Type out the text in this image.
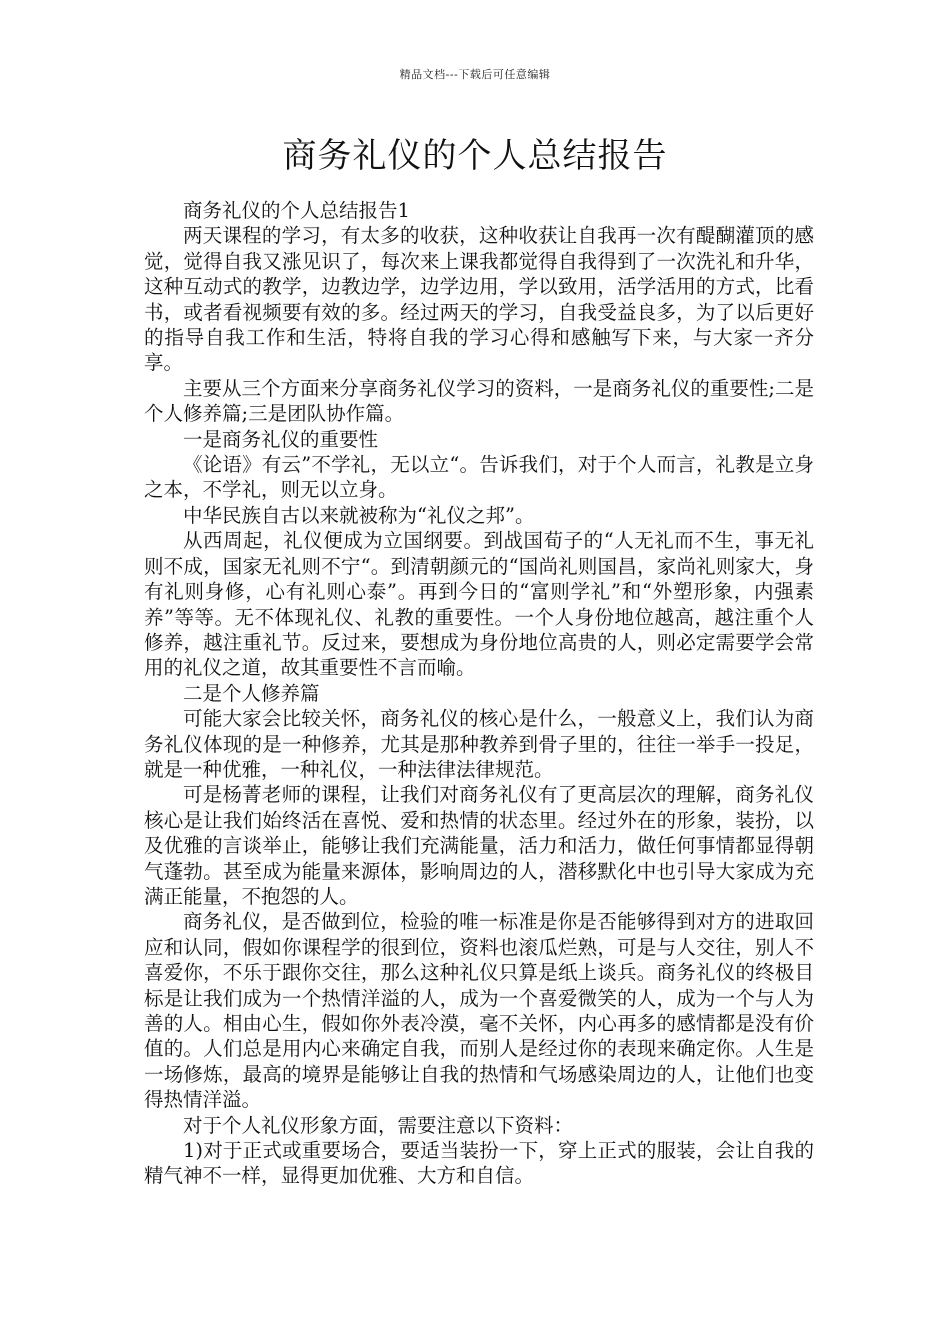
精品文档---下载后可任意编辑
商务礼仪的个人总结报告

商务礼仪的个人总结报告1

两天课程的学习，有太多的收获，这种收获让自我再一次有醍醐灌顶的感觉，觉得自我又涨见识了，每次来上课我都觉得自我得到了一次洗礼和升华，这种互动式的教学，边教边学，边学边用，学以致用，活学活用的方式，比看书，或者看视频要有效的多。经过两天的学习，自我受益良多，为了以后更好的指导自我工作和生活，特将自我的学习心得和感触写下来，与大家一齐分享。

主要从三个方面来分享商务礼仪学习的资料，一是商务礼仪的重要性;二是个人修养篇;三是团队协作篇。

一是商务礼仪的重要性

《论语》有云”不学礼，无以立“。告诉我们，对于个人而言，礼教是立身之本，不学礼，则无以立身。

中华民族自古以来就被称为“礼仪之邦”。

从西周起，礼仪便成为立国纲要。到战国荀子的“人无礼而不生，事无礼则不成，国家无礼则不宁“。到清朝颜元的“国尚礼则国昌，家尚礼则家大，身有礼则身修，心有礼则心泰”。再到今日的“富则学礼”和“外塑形象，内强素养”等等。无不体现礼仪、礼教的重要性。一个人身份地位越高，越注重个人修养，越注重礼节。反过来，要想成为身份地位高贵的人，则必定需要学会常用的礼仪之道，故其重要性不言而喻。

二是个人修养篇

可能大家会比较关怀，商务礼仪的核心是什么，一般意义上，我们认为商务礼仪体现的是一种修养，尤其是那种教养到骨子里的，往往一举手一投足，就是一种优雅，一种礼仪，一种法律法律规范。

可是杨菁老师的课程，让我们对商务礼仪有了更高层次的理解，商务礼仪核心是让我们始终活在喜悦、爱和热情的状态里。经过外在的形象，装扮，以及优雅的言谈举止，能够让我们充满能量，活力和活力，做任何事情都显得朝气蓬勃。甚至成为能量来源体，影响周边的人，潜移默化中也引导大家成为充满正能量，不抱怨的人。

商务礼仪，是否做到位，检验的唯一标准是你是否能够得到对方的进取回应和认同，假如你课程学的很到位，资料也滚瓜烂熟，可是与人交往，别人不喜爱你，不乐于跟你交往，那么这种礼仪只算是纸上谈兵。商务礼仪的终极目标是让我们成为一个热情洋溢的人，成为一个喜爱微笑的人，成为一个与人为善的人。相由心生，假如你外表冷漠，毫不关怀，内心再多的感情都是没有价值的。人们总是用内心来确定自我，而别人是经过你的表现来确定你。人生是一场修炼，最高的境界是能够让自我的热情和气场感染周边的人，让他们也变得热情洋溢。

对于个人礼仪形象方面，需要注意以下资料：

1)对于正式或重要场合，要适当装扮一下，穿上正式的服装，会让自我的精气神不一样，显得更加优雅、大方和自信。
